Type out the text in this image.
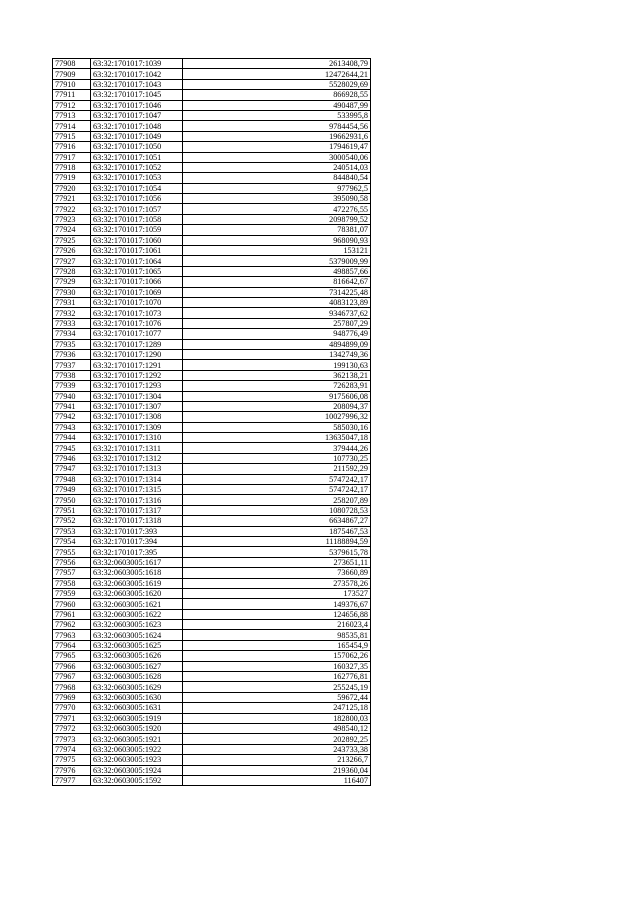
77908	63:32:1701017:1039	2613408,79
77909	63:32:1701017:1042	12472644,21
77910	63:32:1701017:1043	5528029,69
77911	63:32:1701017:1045	866928,55
77912	63:32:1701017:1046	490487,99
77913	63:32:1701017:1047	533995,8
77914	63:32:1701017:1048	9784454,56
77915	63:32:1701017:1049	19662931,6
77916	63:32:1701017:1050	1794619,47
77917	63:32:1701017:1051	3000540,06
77918	63:32:1701017:1052	240514,03
77919	63:32:1701017:1053	844840,54
77920	63:32:1701017:1054	977962,5
77921	63:32:1701017:1056	395090,58
77922	63:32:1701017:1057	472276,55
77923	63:32:1701017:1058	2098799,52
77924	63:32:1701017:1059	78381,07
77925	63:32:1701017:1060	968090,93
77926	63:32:1701017:1061	153121
77927	63:32:1701017:1064	5379009,99
77928	63:32:1701017:1065	498857,66
77929	63:32:1701017:1066	816642,67
77930	63:32:1701017:1069	7314225,48
77931	63:32:1701017:1070	4083123,89
77932	63:32:1701017:1073	9346737,62
77933	63:32:1701017:1076	257807,29
77934	63:32:1701017:1077	948776,49
77935	63:32:1701017:1289	4894899,09
77936	63:32:1701017:1290	1342749,36
77937	63:32:1701017:1291	199130,63
77938	63:32:1701017:1292	362138,21
77939	63:32:1701017:1293	726283,91
77940	63:32:1701017:1304	9175606,08
77941	63:32:1701017:1307	208094,37
77942	63:32:1701017:1308	10027996,32
77943	63:32:1701017:1309	585030,16
77944	63:32:1701017:1310	13635047,18
77945	63:32:1701017:1311	379444,26
77946	63:32:1701017:1312	107730,25
77947	63:32:1701017:1313	211592,29
77948	63:32:1701017:1314	5747242,17
77949	63:32:1701017:1315	5747242,17
77950	63:32:1701017:1316	258207,89
77951	63:32:1701017:1317	1080728,53
77952	63:32:1701017:1318	6634867,27
77953	63:32:1701017:393	1875467,53
77954	63:32:1701017:394	11188894,59
77955	63:32:1701017:395	5379615,78
77956	63:32:0603005:1617	273651,11
77957	63:32:0603005:1618	73660,89
77958	63:32:0603005:1619	273578,26
77959	63:32:0603005:1620	173527
77960	63:32:0603005:1621	149376,67
77961	63:32:0603005:1622	124656,88
77962	63:32:0603005:1623	216023,4
77963	63:32:0603005:1624	98535,81
77964	63:32:0603005:1625	165454,9
77965	63:32:0603005:1626	157062,26
77966	63:32:0603005:1627	160327,35
77967	63:32:0603005:1628	162776,81
77968	63:32:0603005:1629	255245,19
77969	63:32:0603005:1630	59672,44
77970	63:32:0603005:1631	247125,18
77971	63:32:0603005:1919	182800,03
77972	63:32:0603005:1920	498540,12
77973	63:32:0603005:1921	202892,25
77974	63:32:0603005:1922	243733,38
77975	63:32:0603005:1923	213266,7
77976	63:32:0603005:1924	219360,04
77977	63:32:0603005:1592	116407
